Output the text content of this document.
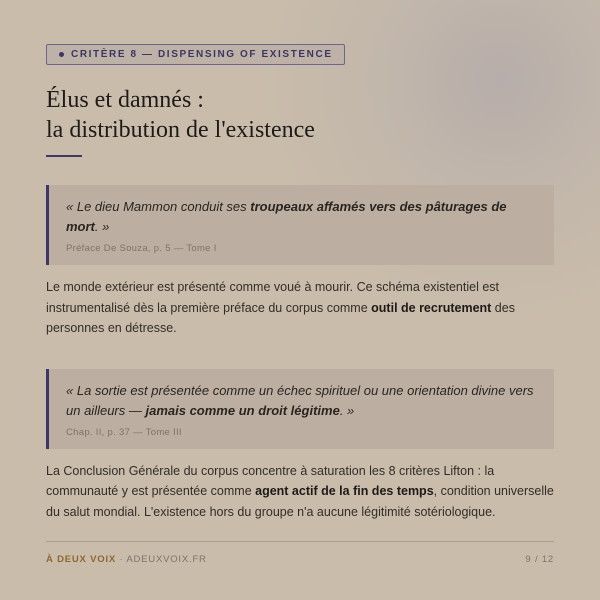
CRITÈRE 8 — DISPENSING OF EXISTENCE
Élus et damnés :
la distribution de l'existence

« Le dieu Mammon conduit ses troupeaux affamés vers des pâturages de mort. »

Préface De Souza, p. 5 — Tome I

Le monde extérieur est présenté comme voué à mourir. Ce schéma existentiel est instrumentalisé dès la première préface du corpus comme outil de recrutement des personnes en détresse.

« La sortie est présentée comme un échec spirituel ou une orientation divine vers un ailleurs — jamais comme un droit légitime. »

Chap. II, p. 37 — Tome III

La Conclusion Générale du corpus concentre à saturation les 8 critères Lifton : la communauté y est présentée comme agent actif de la fin des temps, condition universelle du salut mondial. L'existence hors du groupe n'a aucune légitimité sotériologique.

À DEUX VOIX · ADEUXVOIX.FR	9 / 12
